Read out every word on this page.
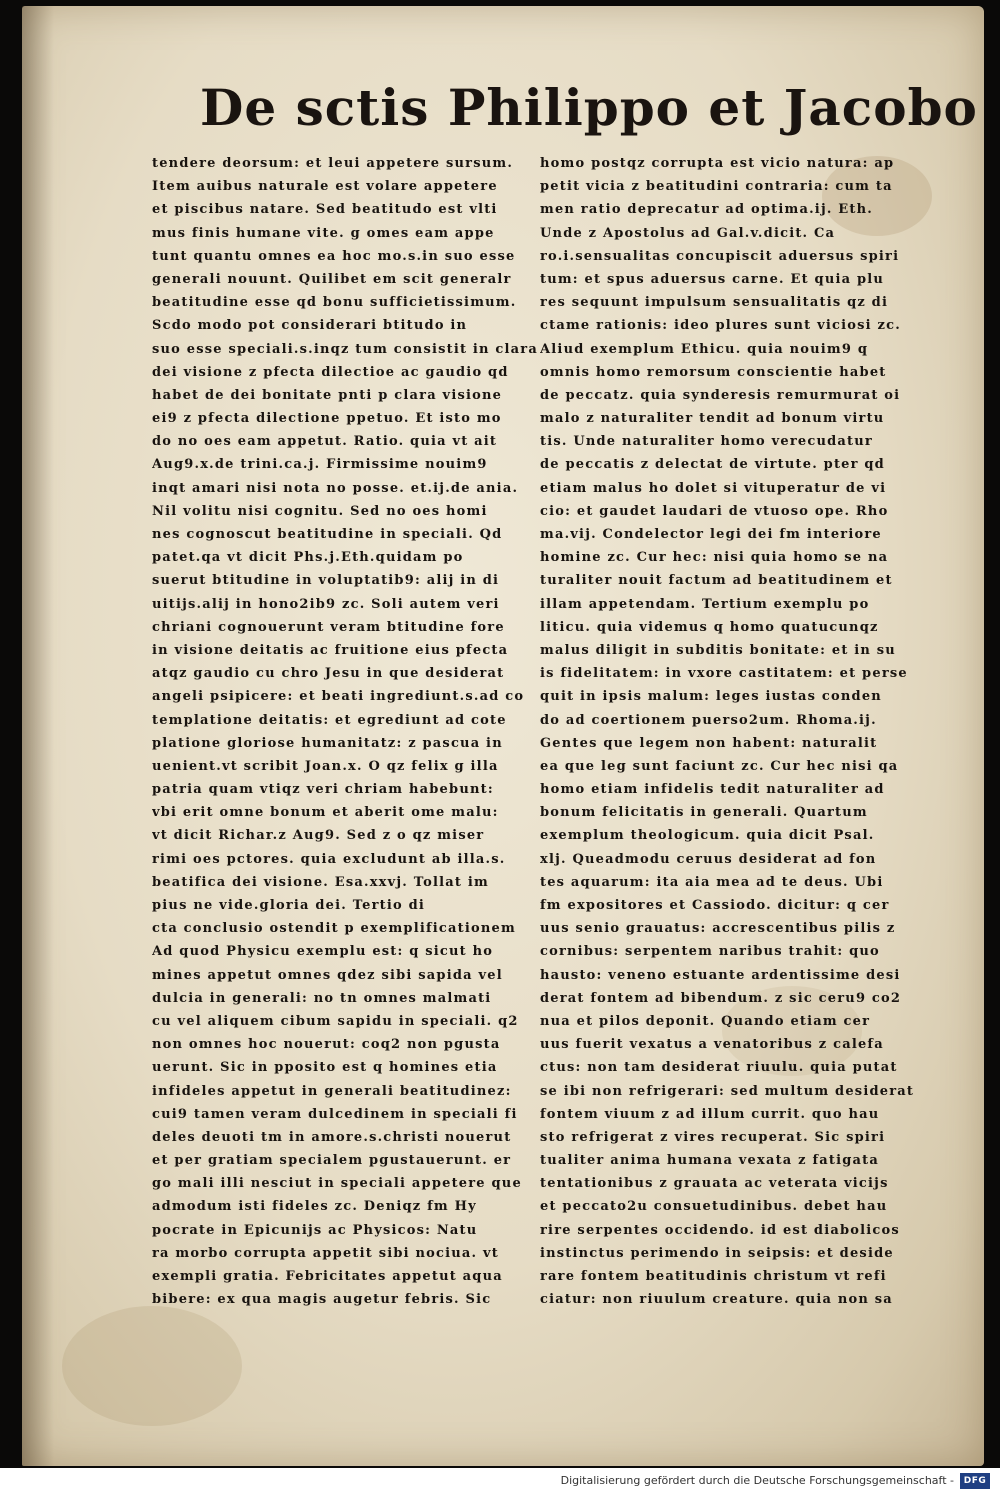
De sctis Philippo et Jacobo
tendere deorsum: et leui appetere sursum.
Item auibus naturale est volare appetere
et piscibus natare. Sed beatitudo est vlti
mus finis humane vite. g omes eam appe
tunt quantu omnes ea hoc mo.s.in suo esse
generali nouunt. Quilibet em scit generalr
beatitudine esse qd bonu sufficietissimum.
Scdo modo pot considerari btitudo in
suo esse speciali.s.inqz tum consistit in clara
dei visione z pfecta dilectioe ac gaudio qd
habet de dei bonitate pnti p clara visione
ei9 z pfecta dilectione ppetuo. Et isto mo
do no oes eam appetut. Ratio. quia vt ait
Aug9.x.de trini.ca.j. Firmissime nouim9
inqt amari nisi nota no posse. et.ij.de ania.
Nil volitu nisi cognitu. Sed no oes homi
nes cognoscut beatitudine in speciali. Qd
patet.qa vt dicit Phs.j.Eth.quidam po
suerut btitudine in voluptatib9: alij in di
uitijs.alij in hono2ib9 zc. Soli autem veri
chriani cognouerunt veram btitudine fore
in visione deitatis ac fruitione eius pfecta
atqz gaudio cu chro Jesu in que desiderat
angeli psipicere: et beati ingrediunt.s.ad co
templatione deitatis: et egrediunt ad cote
platione gloriose humanitatz: z pascua in
uenient.vt scribit Joan.x. O qz felix g illa
patria quam vtiqz veri chriam habebunt:
vbi erit omne bonum et aberit ome malu:
vt dicit Richar.z Aug9. Sed z o qz miser
rimi oes pctores. quia excludunt ab illa.s.
beatifica dei visione. Esa.xxvj. Tollat im
pius ne vide.gloria dei. Tertio di
cta conclusio ostendit p exemplificationem
Ad quod Physicu exemplu est: q sicut ho
mines appetut omnes qdez sibi sapida vel
dulcia in generali: no tn omnes malmati
cu vel aliquem cibum sapidu in speciali. q2
non omnes hoc nouerut: coq2 non pgusta
uerunt. Sic in pposito est q homines etia
infideles appetut in generali beatitudinez:
cui9 tamen veram dulcedinem in speciali fi
deles deuoti tm in amore.s.christi nouerut
et per gratiam specialem pgustauerunt. er
go mali illi nesciut in speciali appetere que
admodum isti fideles zc. Deniqz fm Hy
pocrate in Epicunijs ac Physicos: Natu
ra morbo corrupta appetit sibi nociua. vt
exempli gratia. Febricitates appetut aqua
bibere: ex qua magis augetur febris. Sic
homo postqz corrupta est vicio natura: ap
petit vicia z beatitudini contraria: cum ta
men ratio deprecatur ad optima.ij. Eth.
Unde z Apostolus ad Gal.v.dicit. Ca
ro.i.sensualitas concupiscit aduersus spiri
tum: et spus aduersus carne. Et quia plu
res sequunt impulsum sensualitatis qz di
ctame rationis: ideo plures sunt viciosi zc.
Aliud exemplum Ethicu. quia nouim9 q
omnis homo remorsum conscientie habet
de peccatz. quia synderesis remurmurat oi
malo z naturaliter tendit ad bonum virtu
tis. Unde naturaliter homo verecudatur
de peccatis z delectat de virtute. pter qd
etiam malus ho dolet si vituperatur de vi
cio: et gaudet laudari de vtuoso ope. Rho
ma.vij. Condelector legi dei fm interiore
homine zc. Cur hec: nisi quia homo se na
turaliter nouit factum ad beatitudinem et
illam appetendam. Tertium exemplu po
liticu. quia videmus q homo quatucunqz
malus diligit in subditis bonitate: et in su
is fidelitatem: in vxore castitatem: et perse
quit in ipsis malum: leges iustas conden
do ad coertionem puerso2um. Rhoma.ij.
Gentes que legem non habent: naturalit
ea que leg sunt faciunt zc. Cur hec nisi qa
homo etiam infidelis tedit naturaliter ad
bonum felicitatis in generali. Quartum
exemplum theologicum. quia dicit Psal.
xlj. Queadmodu ceruus desiderat ad fon
tes aquarum: ita aia mea ad te deus. Ubi
fm expositores et Cassiodo. dicitur: q cer
uus senio grauatus: accrescentibus pilis z
cornibus: serpentem naribus trahit: quo
hausto: veneno estuante ardentissime desi
derat fontem ad bibendum. z sic ceru9 co2
nua et pilos deponit. Quando etiam cer
uus fuerit vexatus a venatoribus z calefa
ctus: non tam desiderat riuulu. quia putat
se ibi non refrigerari: sed multum desiderat
fontem viuum z ad illum currit. quo hau
sto refrigerat z vires recuperat. Sic spiri
tualiter anima humana vexata z fatigata
tentationibus z grauata ac veterata vicijs
et peccato2u consuetudinibus. debet hau
rire serpentes occidendo. id est diabolicos
instinctus perimendo in seipsis: et deside
rare fontem beatitudinis christum vt refi
ciatur: non riuulum creature. quia non sa
Digitalisierung gefördert durch die Deutsche Forschungsgemeinschaft -	DFG
